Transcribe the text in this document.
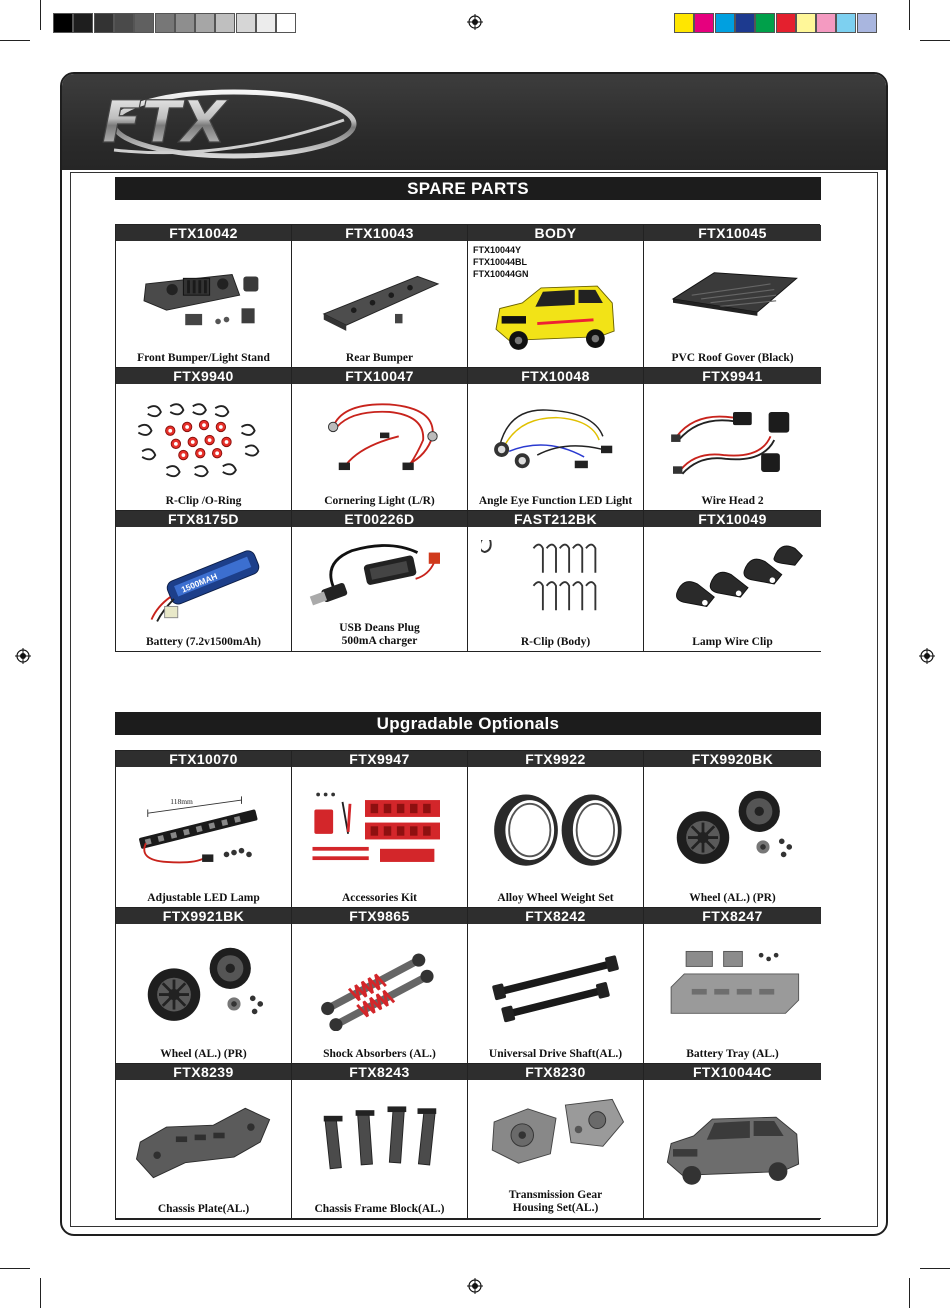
FTX
SPARE PARTS
Upgradable Optionals
FTX10042
Front Bumper/Light Stand
FTX10043
Rear Bumper
BODY
FTX10044Y
FTX10044BL
FTX10044GN
FTX10045
PVC Roof Gover (Black)
FTX9940
R-Clip /O-Ring
FTX10047
Cornering Light (L/R)
FTX10048
Angle Eye Function LED Light
FTX9941
Wire Head 2
FTX8175D
1500MAH
Battery (7.2v1500mAh)
ET00226D
USB Deans Plug
500mA charger
FAST212BK
R-Clip (Body)
FTX10049
Lamp Wire Clip
FTX10070
118mm
Adjustable LED Lamp
FTX9947
Accessories Kit
FTX9922
Alloy Wheel Weight Set
FTX9920BK
Wheel (AL.) (PR)
FTX9921BK
Wheel (AL.) (PR)
FTX9865
Shock Absorbers (AL.)
FTX8242
Universal Drive Shaft(AL.)
FTX8247
Battery Tray (AL.)
FTX8239
Chassis Plate(AL.)
FTX8243
Chassis Frame Block(AL.)
FTX8230
Transmission Gear
Housing Set(AL.)
FTX10044C
